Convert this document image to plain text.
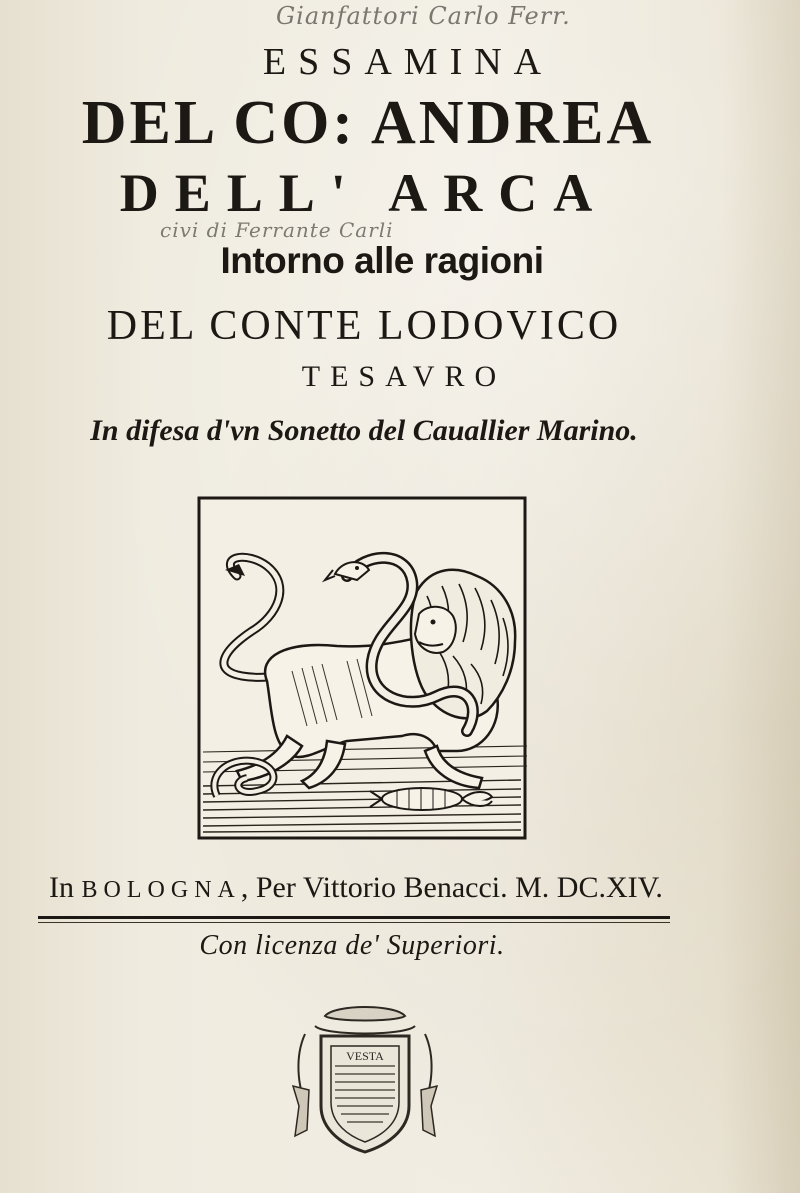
Gianfattori Carlo Ferr.
ESSAMINA
DEL CO: ANDREA
DELL' ARCA
civi di Ferrante Carli
Intorno alle ragioni
DEL CONTE LODOVICO
TESAVRO
In difesa d'vn Sonetto del Cauallier Marino.
In BOLOGNA, Per Vittorio Benacci. M. DC.XIV.
Con licenza de' Superiori.
VESTA
